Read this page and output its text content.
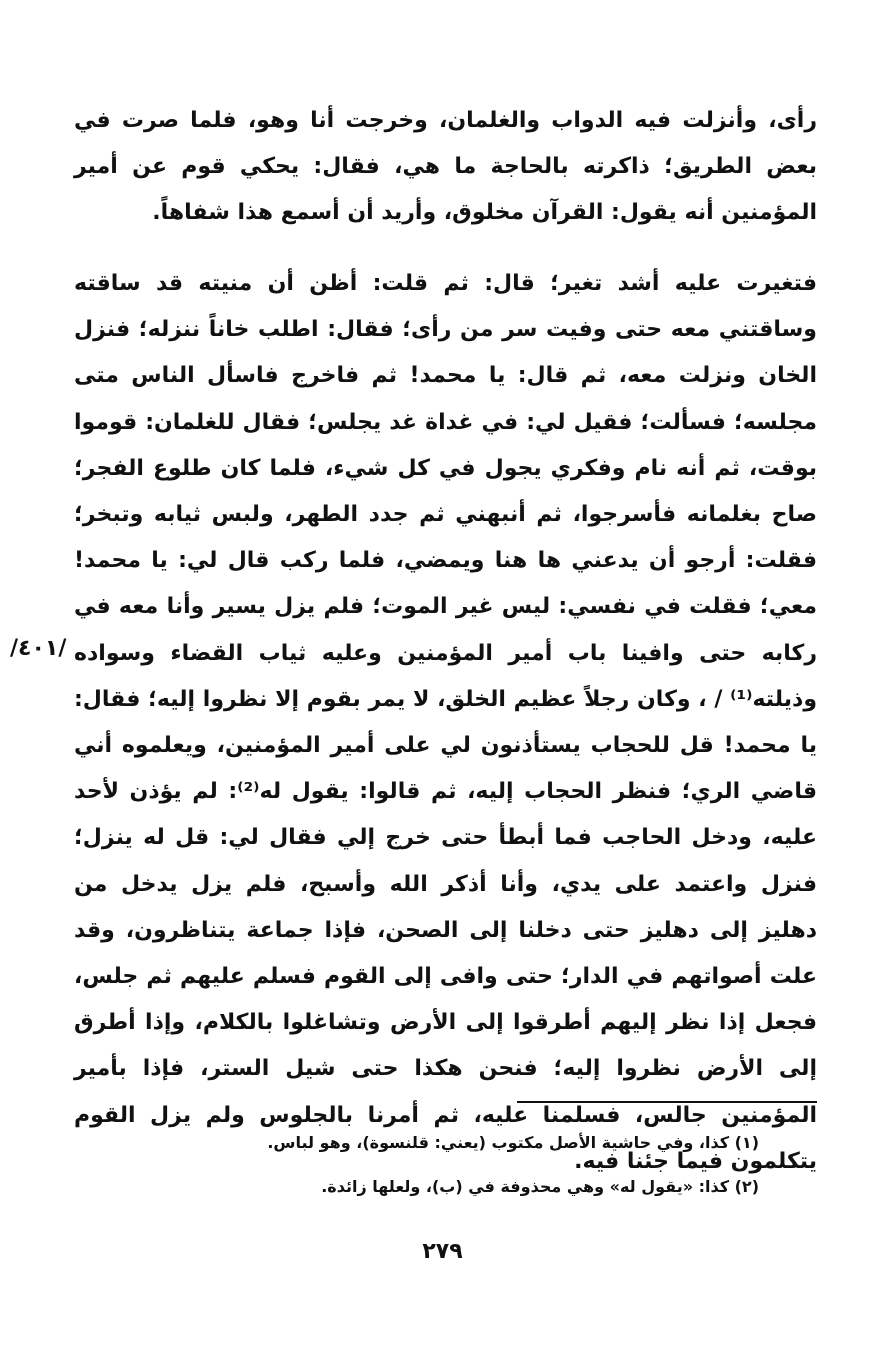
رأى، وأنزلت فيه الدواب والغلمان، وخرجت أنا وهو، فلما صرت في بعض الطريق؛ ذاكرته بالحاجة ما هي، فقال: يحكي قوم عن أمير المؤمنين أنه يقول: القرآن مخلوق، وأريد أن أسمع هذا شفاهاً.

فتغيرت عليه أشد تغير؛ قال: ثم قلت: أظن أن منيته قد ساقته وساقتني معه حتى وفيت سر من رأى؛ فقال: اطلب خاناً ننزله؛ فنزل الخان ونزلت معه، ثم قال: يا محمد! ثم فاخرج فاسأل الناس متى مجلسه؛ فسألت؛ فقيل لي: في غداة غد يجلس؛ فقال للغلمان: قوموا بوقت، ثم أنه نام وفكري يجول في كل شيء، فلما كان طلوع الفجر؛ صاح بغلمانه فأسرجوا، ثم أنبهني ثم جدد الطهر، ولبس ثيابه وتبخر؛ فقلت: أرجو أن يدعني ها هنا ويمضي، فلما ركب قال لي: يا محمد! معي؛ فقلت في نفسي: ليس غير الموت؛ فلم يزل يسير وأنا معه في ركابه حتى وافينا باب أمير المؤمنين وعليه ثياب القضاء وسواده وذيلته⁽¹⁾ / ، وكان رجلاً عظيم الخلق، لا يمر بقوم إلا نظروا إليه؛ فقال: يا محمد! قل للحجاب يستأذنون لي على أمير المؤمنين، ويعلموه أني قاضي الري؛ فنظر الحجاب إليه، ثم قالوا: يقول له⁽²⁾: لم يؤذن لأحد عليه، ودخل الحاجب فما أبطأ حتى خرج إلي فقال لي: قل له ينزل؛ فنزل واعتمد على يدي، وأنا أذكر الله وأسبح، فلم يزل يدخل من دهليز إلى دهليز حتى دخلنا إلى الصحن، فإذا جماعة يتناظرون، وقد علت أصواتهم في الدار؛ حتى وافى إلى القوم فسلم عليهم ثم جلس، فجعل إذا نظر إليهم أطرقوا إلى الأرض وتشاغلوا بالكلام، وإذا أطرق إلى الأرض نظروا إليه؛ فنحن هكذا حتى شيل الستر، فإذا بأمير المؤمنين جالس، فسلمنا عليه، ثم أمرنا بالجلوس ولم يزل القوم يتكلمون فيما جئنا فيه.

/٤٠١/
(١) كذا، وفي حاشية الأصل مكتوب (يعني: قلنسوة)، وهو لباس.
(٢) كذا: «يقول له» وهي محذوفة في (ب)، ولعلها زائدة.
٢٧٩
